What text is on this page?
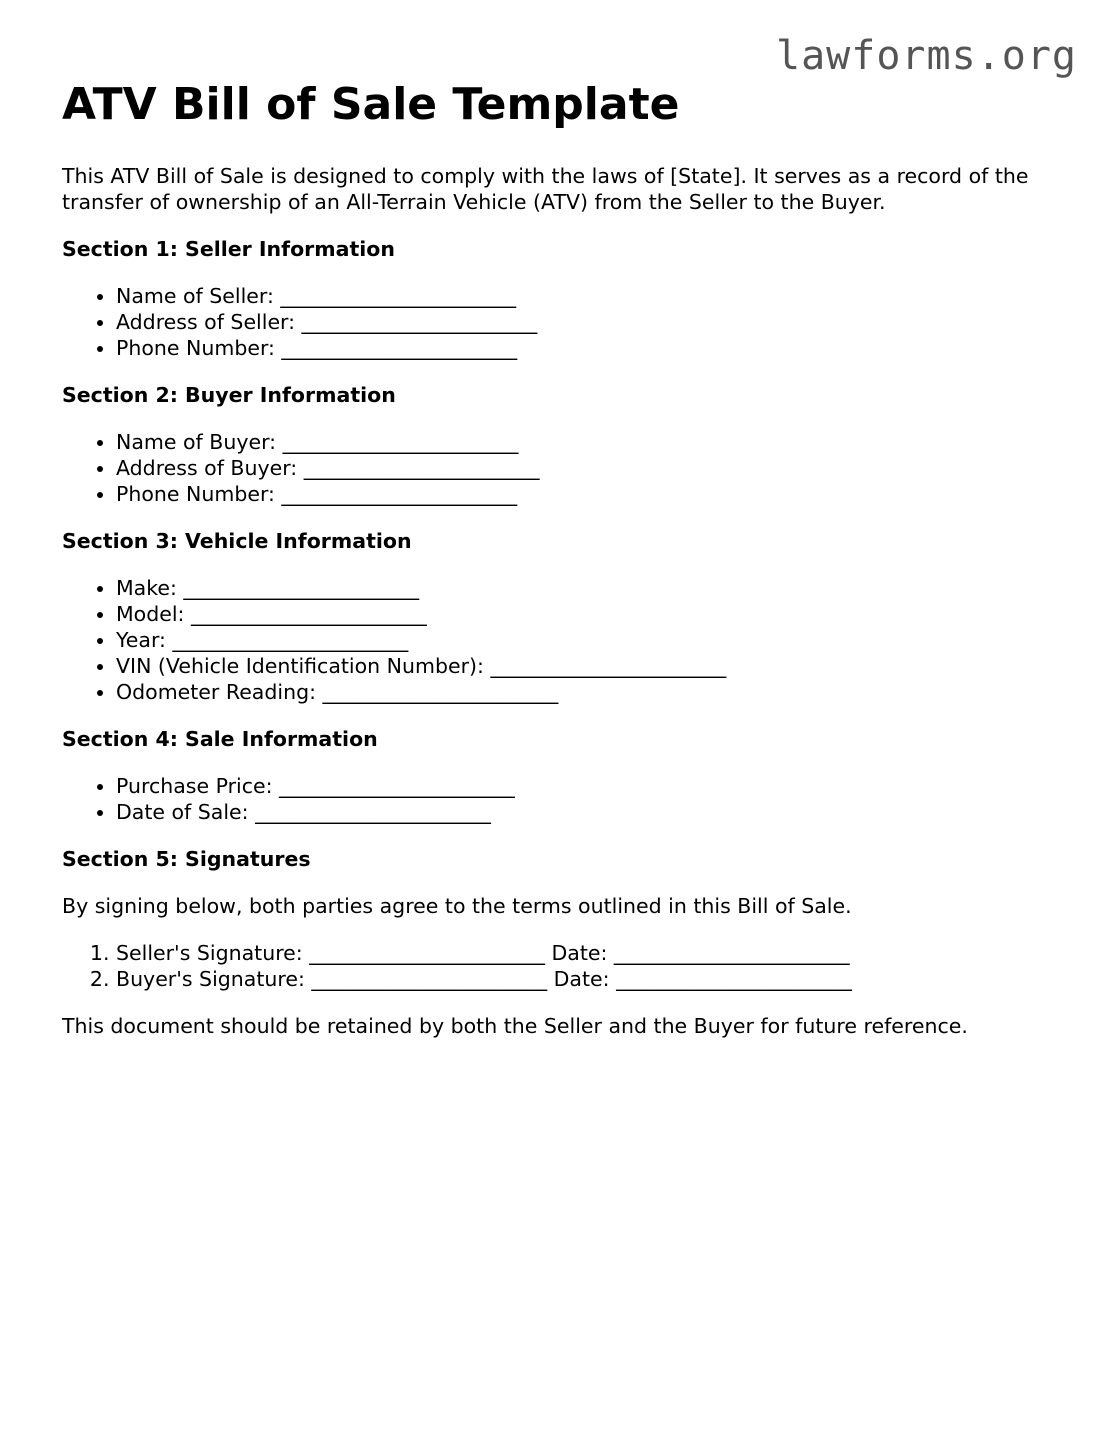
lawforms.org
ATV Bill of Sale Template

This ATV Bill of Sale is designed to comply with the laws of [State]. It serves as a record of the transfer of ownership of an All-Terrain Vehicle (ATV) from the Seller to the Buyer.

Section 1: Seller Information
• Name of Seller: _______________________
• Address of Seller: _______________________
• Phone Number: _______________________
Section 2: Buyer Information
• Name of Buyer: _______________________
• Address of Buyer: _______________________
• Phone Number: _______________________
Section 3: Vehicle Information
• Make: _______________________
• Model: _______________________
• Year: _______________________
• VIN (Vehicle Identification Number): _______________________
• Odometer Reading: _______________________
Section 4: Sale Information
• Purchase Price: _______________________
• Date of Sale: _______________________
Section 5: Signatures

By signing below, both parties agree to the terms outlined in this Bill of Sale.

1. Seller's Signature: _______________________ Date: _______________________
2. Buyer's Signature: _______________________ Date: _______________________

This document should be retained by both the Seller and the Buyer for future reference.
